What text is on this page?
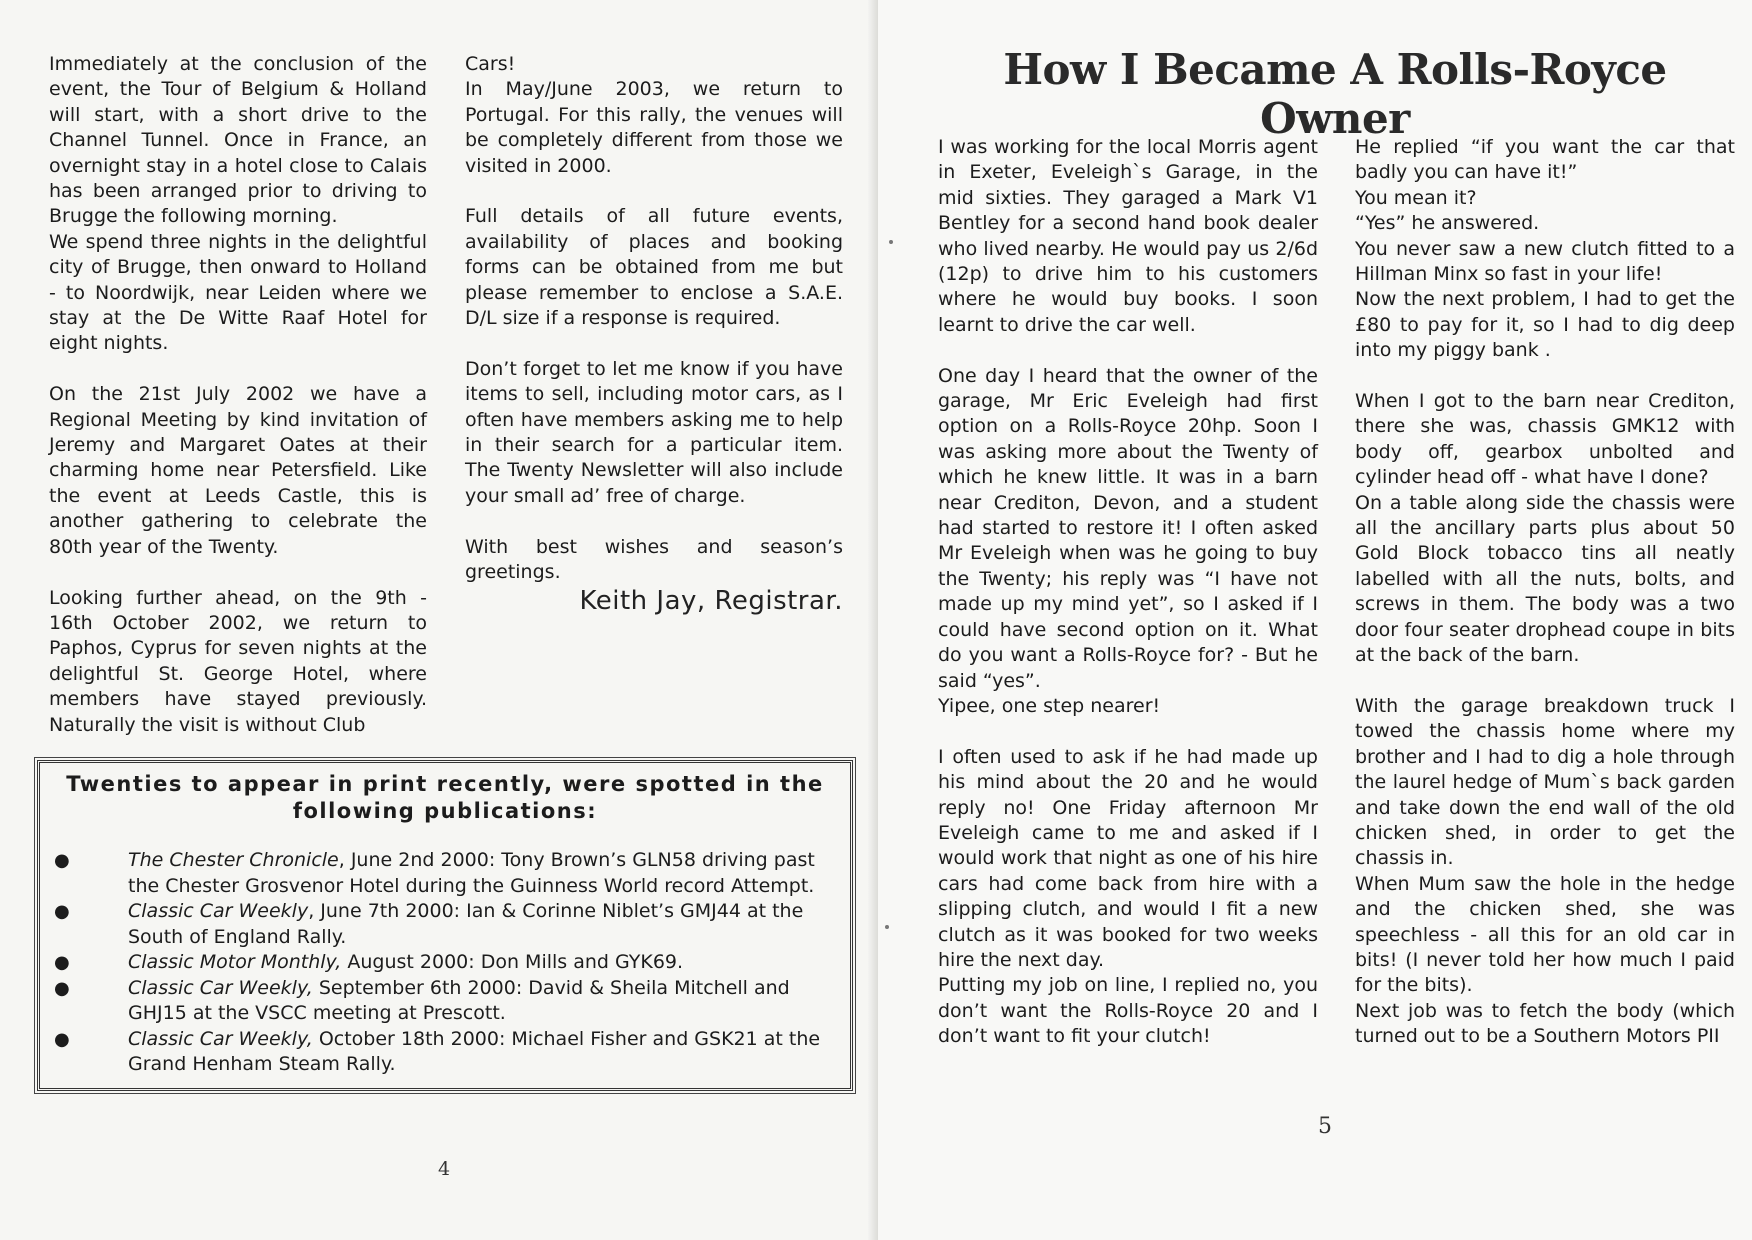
Immediately at the conclusion of the event, the Tour of Belgium & Holland will start, with a short drive to the Channel Tunnel. Once in France, an overnight stay in a hotel close to Calais has been arranged prior to driving to Brugge the following morning.

We spend three nights in the delightful city of Brugge, then onward to Holland - to Noordwijk, near Leiden where we stay at the De Witte Raaf Hotel for eight nights.

On the 21st July 2002 we have a Regional Meeting by kind invitation of Jeremy and Margaret Oates at their charming home near Petersfield. Like the event at Leeds Castle, this is another gathering to celebrate the 80th year of the Twenty.

Looking further ahead, on the 9th - 16th October 2002, we return to Paphos, Cyprus for seven nights at the delightful St. George Hotel, where members have stayed previously. Naturally the visit is without Club

Cars!

In May/June 2003, we return to Portugal. For this rally, the venues will be completely different from those we visited in 2000.

Full details of all future events, availability of places and booking forms can be obtained from me but please remember to enclose a S.A.E. D/L size if a response is required.

Don’t forget to let me know if you have items to sell, including motor cars, as I often have members asking me to help in their search for a particular item. The Twenty Newsletter will also include your small ad’ free of charge.

With best wishes and season’s greetings.

Keith Jay, Registrar.
Twenties to appear in print recently, were spotted in the following publications:
●	The Chester Chronicle, June 2nd 2000: Tony Brown’s GLN58 driving past the Chester Grosvenor Hotel during the Guinness World record Attempt.
●	Classic Car Weekly, June 7th 2000: Ian & Corinne Niblet’s GMJ44 at the South of England Rally.
●	Classic Motor Monthly, August 2000: Don Mills and GYK69.
●	Classic Car Weekly, September 6th 2000: David & Sheila Mitchell and GHJ15 at the VSCC meeting at Prescott.
●	Classic Car Weekly, October 18th 2000: Michael Fisher and GSK21 at the Grand Henham Steam Rally.
4
How I Became A Rolls-Royce Owner

I was working for the local Morris agent in Exeter, Eveleigh`s Garage, in the mid sixties. They garaged a Mark V1 Bentley for a second hand book dealer who lived nearby. He would pay us 2/6d (12p) to drive him to his customers where he would buy books. I soon learnt to drive the car well.

One day I heard that the owner of the garage, Mr Eric Eveleigh had first option on a Rolls-Royce 20hp. Soon I was asking more about the Twenty of which he knew little. It was in a barn near Crediton, Devon, and a student had started to restore it! I often asked Mr Eveleigh when was he going to buy the Twenty; his reply was “I have not made up my mind yet”, so I asked if I could have second option on it. What do you want a Rolls-Royce for? - But he said “yes”.

Yipee, one step nearer!

I often used to ask if he had made up his mind about the 20 and he would reply no! One Friday afternoon Mr Eveleigh came to me and asked if I would work that night as one of his hire cars had come back from hire with a slipping clutch, and would I fit a new clutch as it was booked for two weeks hire the next day.

Putting my job on line, I replied no, you don’t want the Rolls-Royce 20 and I don’t want to fit your clutch!

He replied “if you want the car that badly you can have it!”

You mean it?

“Yes” he answered.

You never saw a new clutch fitted to a Hillman Minx so fast in your life!

Now the next problem, I had to get the £80 to pay for it, so I had to dig deep into my piggy bank .

When I got to the barn near Crediton, there she was, chassis GMK12 with body off, gearbox unbolted and cylinder head off - what have I done?

On a table along side the chassis were all the ancillary parts plus about 50 Gold Block tobacco tins all neatly labelled with all the nuts, bolts, and screws in them. The body was a two door four seater drophead coupe in bits at the back of the barn.

With the garage breakdown truck I towed the chassis home where my brother and I had to dig a hole through the laurel hedge of Mum`s back garden and take down the end wall of the old chicken shed, in order to get the chassis in.

When Mum saw the hole in the hedge and the chicken shed, she was speechless - all this for an old car in bits! (I never told her how much I paid for the bits).

Next job was to fetch the body (which turned out to be a Southern Motors PII

5
